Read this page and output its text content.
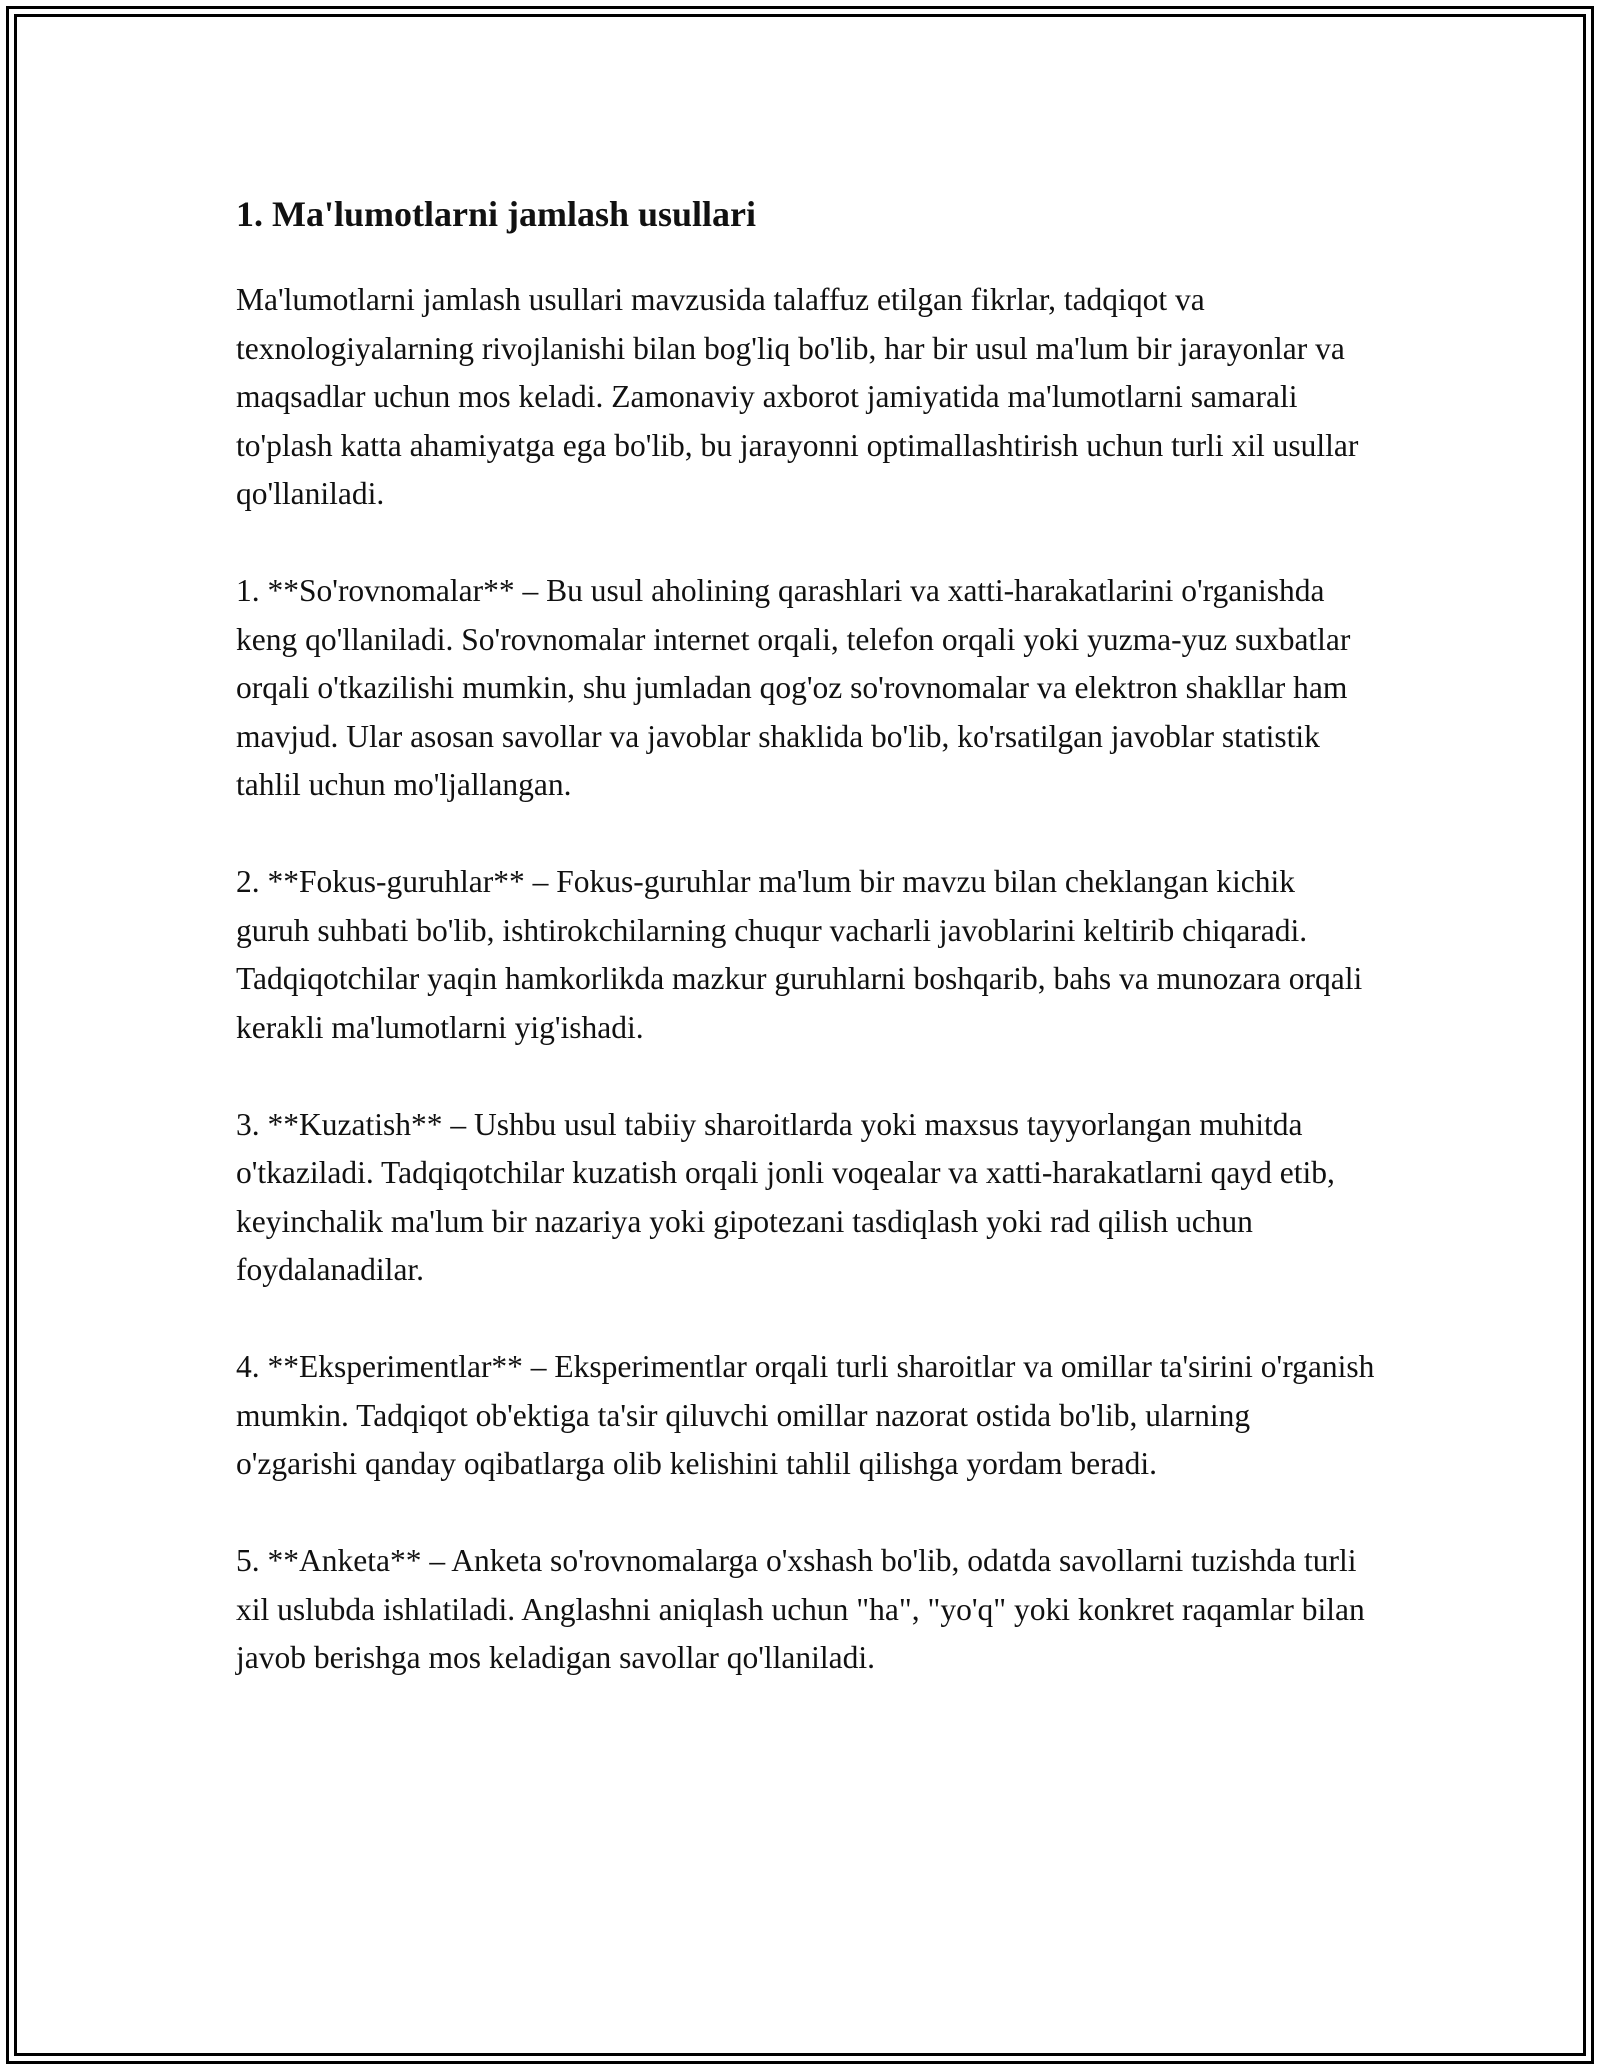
1. Ma'lumotlarni jamlash usullari

Ma'lumotlarni jamlash usullari mavzusida talaffuz etilgan fikrlar, tadqiqot va texnologiyalarning rivojlanishi bilan bog'liq bo'lib, har bir usul ma'lum bir jarayonlar va maqsadlar uchun mos keladi. Zamonaviy axborot jamiyatida ma'lumotlarni samarali to'plash katta ahamiyatga ega bo'lib, bu jarayonni optimallashtirish uchun turli xil usullar qo'llaniladi.

1. **So'rovnomalar** – Bu usul aholining qarashlari va xatti-harakatlarini o'rganishda keng qo'llaniladi. So'rovnomalar internet orqali, telefon orqali yoki yuzma-yuz suxbatlar orqali o'tkazilishi mumkin, shu jumladan qog'oz so'rovnomalar va elektron shakllar ham mavjud. Ular asosan savollar va javoblar shaklida bo'lib, ko'rsatilgan javoblar statistik tahlil uchun mo'ljallangan.

2. **Fokus-guruhlar** – Fokus-guruhlar ma'lum bir mavzu bilan cheklangan kichik guruh suhbati bo'lib, ishtirokchilarning chuqur vacharli javoblarini keltirib chiqaradi. Tadqiqotchilar yaqin hamkorlikda mazkur guruhlarni boshqarib, bahs va munozara orqali kerakli ma'lumotlarni yig'ishadi.

3. **Kuzatish** – Ushbu usul tabiiy sharoitlarda yoki maxsus tayyorlangan muhitda o'tkaziladi. Tadqiqotchilar kuzatish orqali jonli voqealar va xatti-harakatlarni qayd etib, keyinchalik ma'lum bir nazariya yoki gipotezani tasdiqlash yoki rad qilish uchun foydalanadilar.

4. **Eksperimentlar** – Eksperimentlar orqali turli sharoitlar va omillar ta'sirini o'rganish mumkin. Tadqiqot ob'ektiga ta'sir qiluvchi omillar nazorat ostida bo'lib, ularning o'zgarishi qanday oqibatlarga olib kelishini tahlil qilishga yordam beradi.

5. **Anketa** – Anketa so'rovnomalarga o'xshash bo'lib, odatda savollarni tuzishda turli xil uslubda ishlatiladi. Anglashni aniqlash uchun "ha", "yo'q" yoki konkret raqamlar bilan javob berishga mos keladigan savollar qo'llaniladi.
